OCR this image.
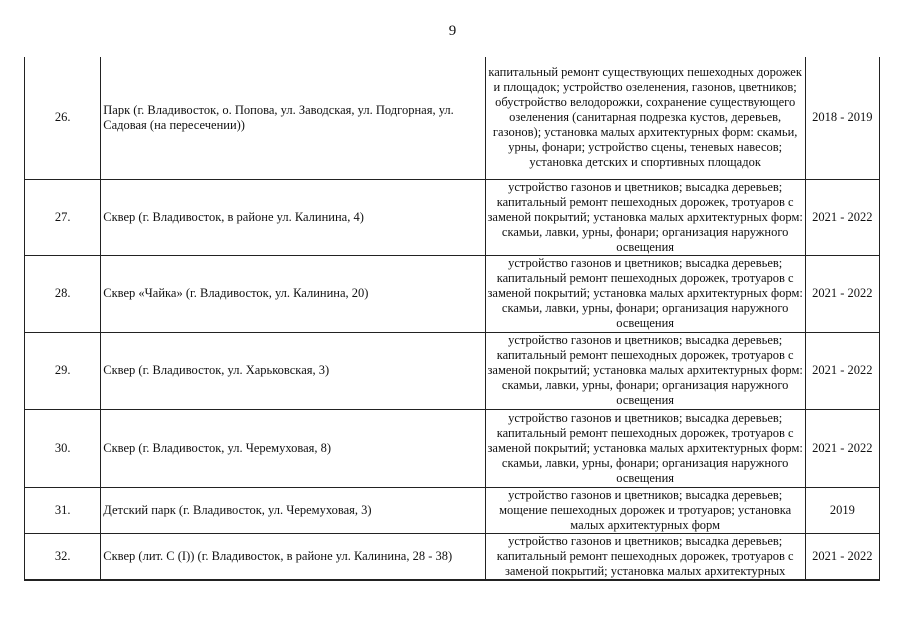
9
26.	Парк (г. Владивосток, о. Попова, ул. Заводская, ул. Подгорная, ул. Садовая (на пересечении))	капитальный ремонт существующих пешеходных дорожек и площадок; устройство озеленения, газонов, цветников; обустройство велодорожки, сохранение существующего озеленения (санитарная подрезка кустов, деревьев, газонов); установка малых архитектурных форм: скамьи, урны, фонари; устройство сцены, теневых навесов; установка детских и спортивных площадок	2018 - 2019
27.	Сквер (г. Владивосток, в районе ул. Калинина, 4)	устройство газонов и цветников; высадка деревьев; капитальный ремонт пешеходных дорожек, тротуаров с заменой покрытий; установка малых архитектурных форм: скамьи, лавки, урны, фонари; организация наружного освещения	2021 - 2022
28.	Сквер «Чайка» (г. Владивосток, ул. Калинина, 20)	устройство газонов и цветников; высадка деревьев; капитальный ремонт пешеходных дорожек, тротуаров с заменой покрытий; установка малых архитектурных форм: скамьи, лавки, урны, фонари; организация наружного освещения	2021 - 2022
29.	Сквер (г. Владивосток, ул. Харьковская, 3)	устройство газонов и цветников; высадка деревьев; капитальный ремонт пешеходных дорожек, тротуаров с заменой покрытий; установка малых архитектурных форм: скамьи, лавки, урны, фонари; организация наружного освещения	2021 - 2022
30.	Сквер (г. Владивосток, ул. Черемуховая, 8)	устройство газонов и цветников; высадка деревьев; капитальный ремонт пешеходных дорожек, тротуаров с заменой покрытий; установка малых архитектурных форм: скамьи, лавки, урны, фонари; организация наружного освещения	2021 - 2022
31.	Детский парк (г. Владивосток, ул. Черемуховая, 3)	устройство газонов и цветников; высадка деревьев; мощение пешеходных дорожек и тротуаров; установка малых архитектурных форм	2019
32.	Сквер (лит. С (I)) (г. Владивосток, в районе ул. Калинина, 28 - 38)	устройство газонов и цветников; высадка деревьев; капитальный ремонт пешеходных дорожек, тротуаров с заменой покрытий; установка малых архитектурных	2021 - 2022
